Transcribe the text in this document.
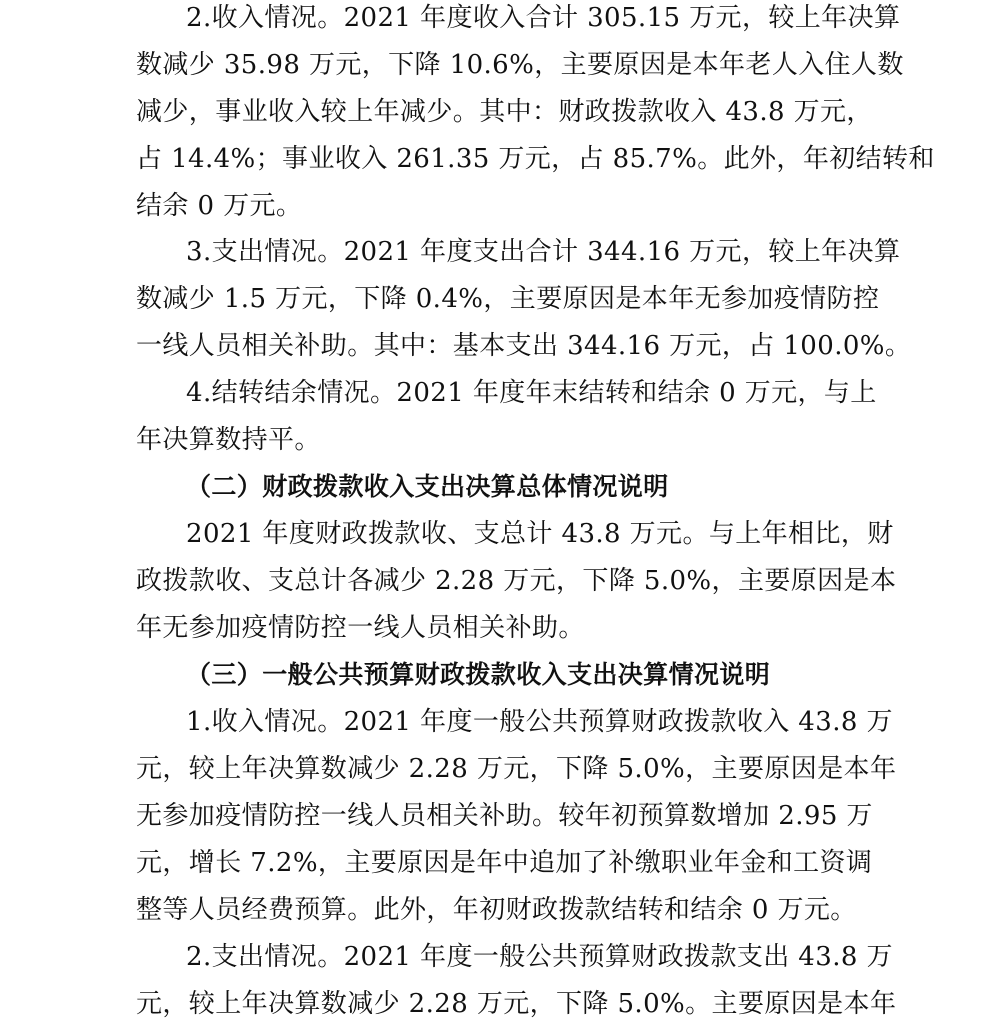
2.收入情况。2021 年度收入合计 305.15 万元，较上年决算
数减少 35.98 万元，下降 10.6%，主要原因是本年老人入住人数
减少，事业收入较上年减少。其中：财政拨款收入 43.8 万元，
占 14.4%；事业收入 261.35 万元，占 85.7%。此外，年初结转和
结余 0 万元。
3.支出情况。2021 年度支出合计 344.16 万元，较上年决算
数减少 1.5 万元，下降 0.4%，主要原因是本年无参加疫情防控
一线人员相关补助。其中：基本支出 344.16 万元，占 100.0%。
4.结转结余情况。2021 年度年末结转和结余 0 万元，与上
年决算数持平。
（二）财政拨款收入支出决算总体情况说明
2021 年度财政拨款收、支总计 43.8 万元。与上年相比，财
政拨款收、支总计各减少 2.28 万元，下降 5.0%，主要原因是本
年无参加疫情防控一线人员相关补助。
（三）一般公共预算财政拨款收入支出决算情况说明
1.收入情况。2021 年度一般公共预算财政拨款收入 43.8 万
元，较上年决算数减少 2.28 万元，下降 5.0%，主要原因是本年
无参加疫情防控一线人员相关补助。较年初预算数增加 2.95 万
元，增长 7.2%，主要原因是年中追加了补缴职业年金和工资调
整等人员经费预算。此外，年初财政拨款结转和结余 0 万元。
2.支出情况。2021 年度一般公共预算财政拨款支出 43.8 万
元，较上年决算数减少 2.28 万元，下降 5.0%。主要原因是本年
